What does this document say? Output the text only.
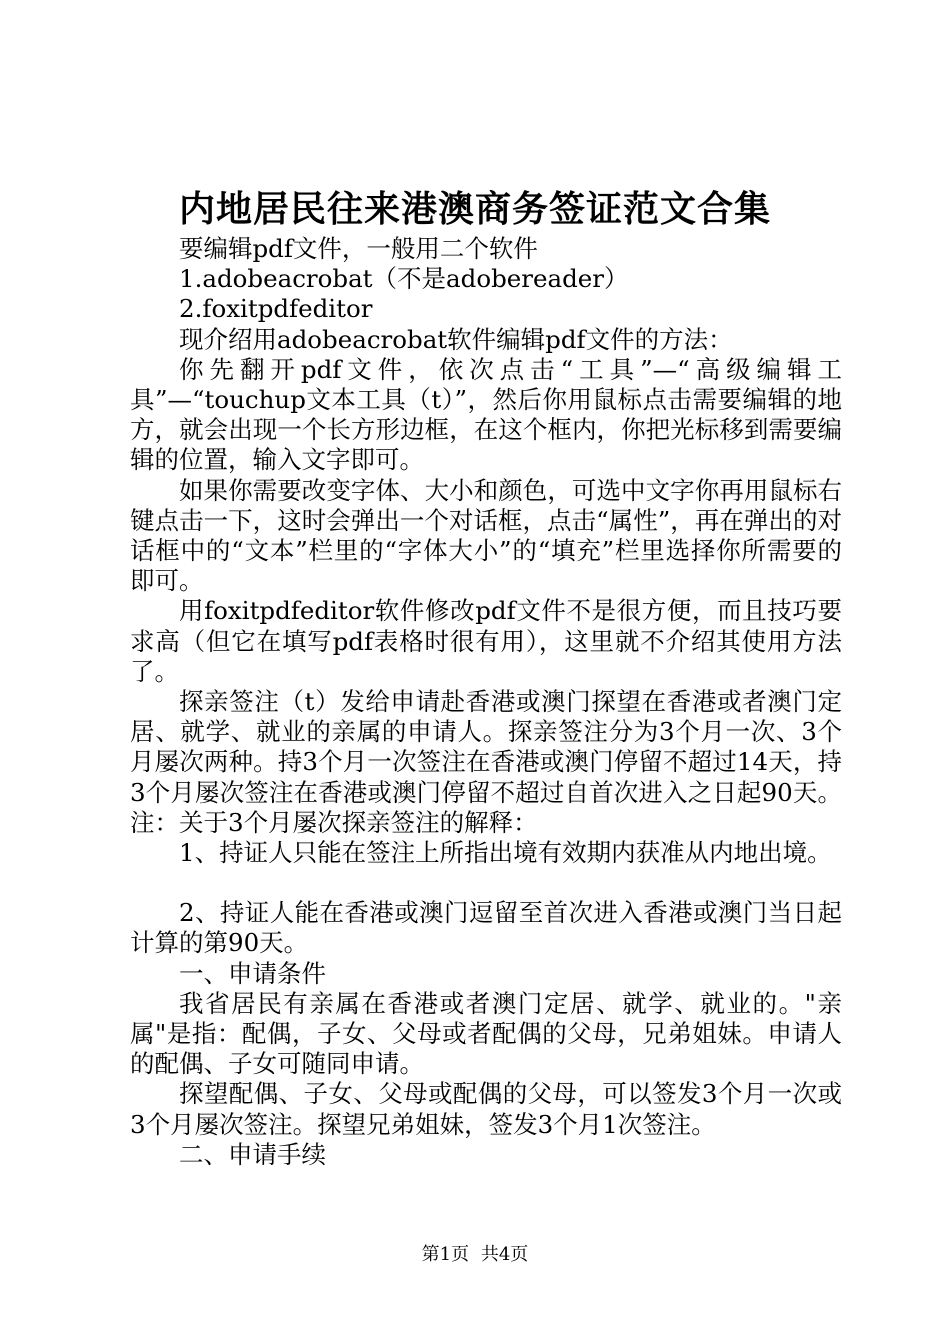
内地居民往来港澳商务签证范文合集

要编辑pdf文件，一般用二个软件

1.adobeacrobat（不是adobereader）

2.foxitpdfeditor

现介绍用adobeacrobat软件编辑pdf文件的方法：

你先翻开pdf文件，依次点击“工具”—“高级编辑工具”—“touchup文本工具（t）”，然后你用鼠标点击需要编辑的地方，就会出现一个长方形边框，在这个框内，你把光标移到需要编辑的位置，输入文字即可。

如果你需要改变字体、大小和颜色，可选中文字你再用鼠标右键点击一下，这时会弹出一个对话框，点击“属性”，再在弹出的对话框中的“文本”栏里的“字体大小”的“填充”栏里选择你所需要的即可。

用foxitpdfeditor软件修改pdf文件不是很方便，而且技巧要求高（但它在填写pdf表格时很有用），这里就不介绍其使用方法了。

探亲签注（t）发给申请赴香港或澳门探望在香港或者澳门定居、就学、就业的亲属的申请人。探亲签注分为3个月一次、3个月屡次两种。持3个月一次签注在香港或澳门停留不超过14天，持3个月屡次签注在香港或澳门停留不超过自首次进入之日起90天。注：关于3个月屡次探亲签注的解释：

1、持证人只能在签注上所指出境有效期内获准从内地出境。

2、持证人能在香港或澳门逗留至首次进入香港或澳门当日起计算的第90天。

一、申请条件

我省居民有亲属在香港或者澳门定居、就学、就业的。"亲属"是指：配偶，子女、父母或者配偶的父母，兄弟姐妹。申请人的配偶、子女可随同申请。

探望配偶、子女、父母或配偶的父母，可以签发3个月一次或3个月屡次签注。探望兄弟姐妹，签发3个月1次签注。

二、申请手续

第1页 共4页
